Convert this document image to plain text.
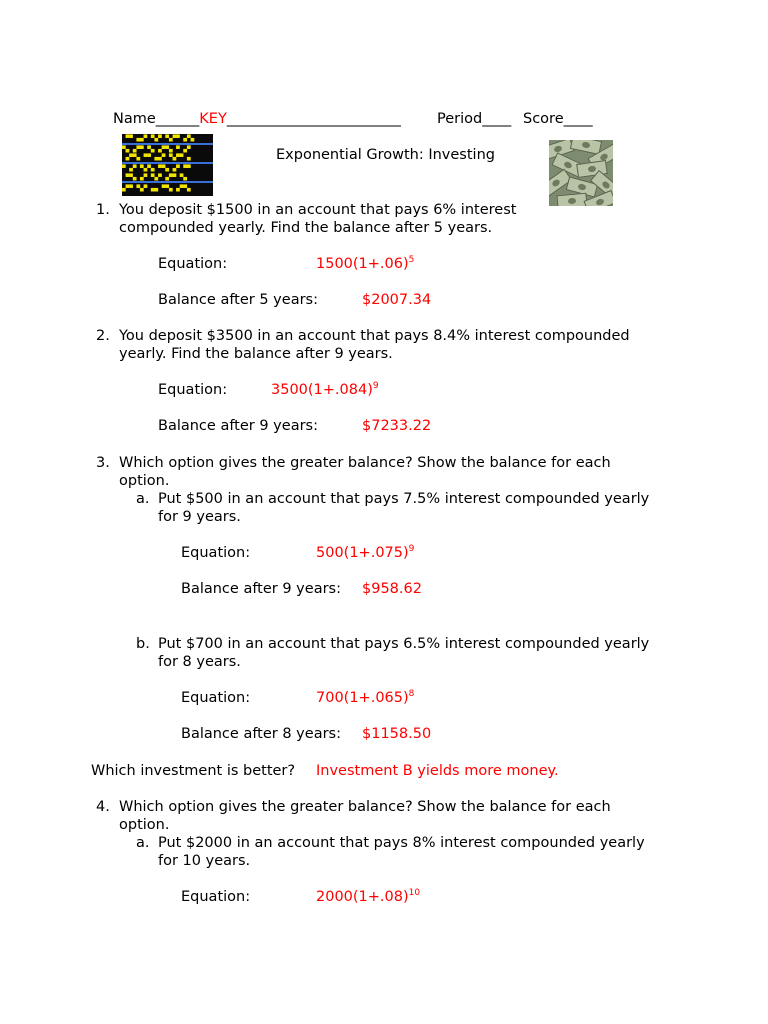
Name______KEY________________________ Period____ Score____
▀▀ ▄▄▀ ▀▄▀ ▀▄▀▀ ▄▀▄
▀▄ ▄▀▀ ▀▄ ▄▀▀▄ ▀ ▄▀
▄▀▀▄ ▀▀ ▄▄▀ ▀▄▀▀ ▄
▀ ▄▀ ▀▄▀▄ ▀▀▄ ▄▀ ▀▀
▀▀▄ ▄▀ ▀▄▀ ▄▀▀ ▀▄
▄▀▀ ▀▄▀ ▄▄ ▀▀▄ ▄▀▀▄
Exponential Growth: Investing
1. You deposit $1500 in an account that pays 6% interest
compounded yearly. Find the balance after 5 years.
Equation:	$1500(1+.06)^5$
Balance after 5 years:	$2007.34
2. You deposit $3500 in an account that pays 8.4% interest compounded
yearly. Find the balance after 9 years.
Equation:	$3500(1+.084)^9$
Balance after 9 years:	$7233.22
3. Which option gives the greater balance? Show the balance for each
option.
a. Put $500 in an account that pays 7.5% interest compounded yearly
for 9 years.
Equation:	$500(1+.075)^9$
Balance after 9 years: $958.62
b. Put $700 in an account that pays 6.5% interest compounded yearly
for 8 years.
Equation:	$700(1+.065)^8$
Balance after 8 years: $1158.50
Which investment is better? Investment B yields more money.
4. Which option gives the greater balance? Show the balance for each
option.
a. Put $2000 in an account that pays 8% interest compounded yearly
for 10 years.
Equation:	$2000(1+.08)^{10}$
